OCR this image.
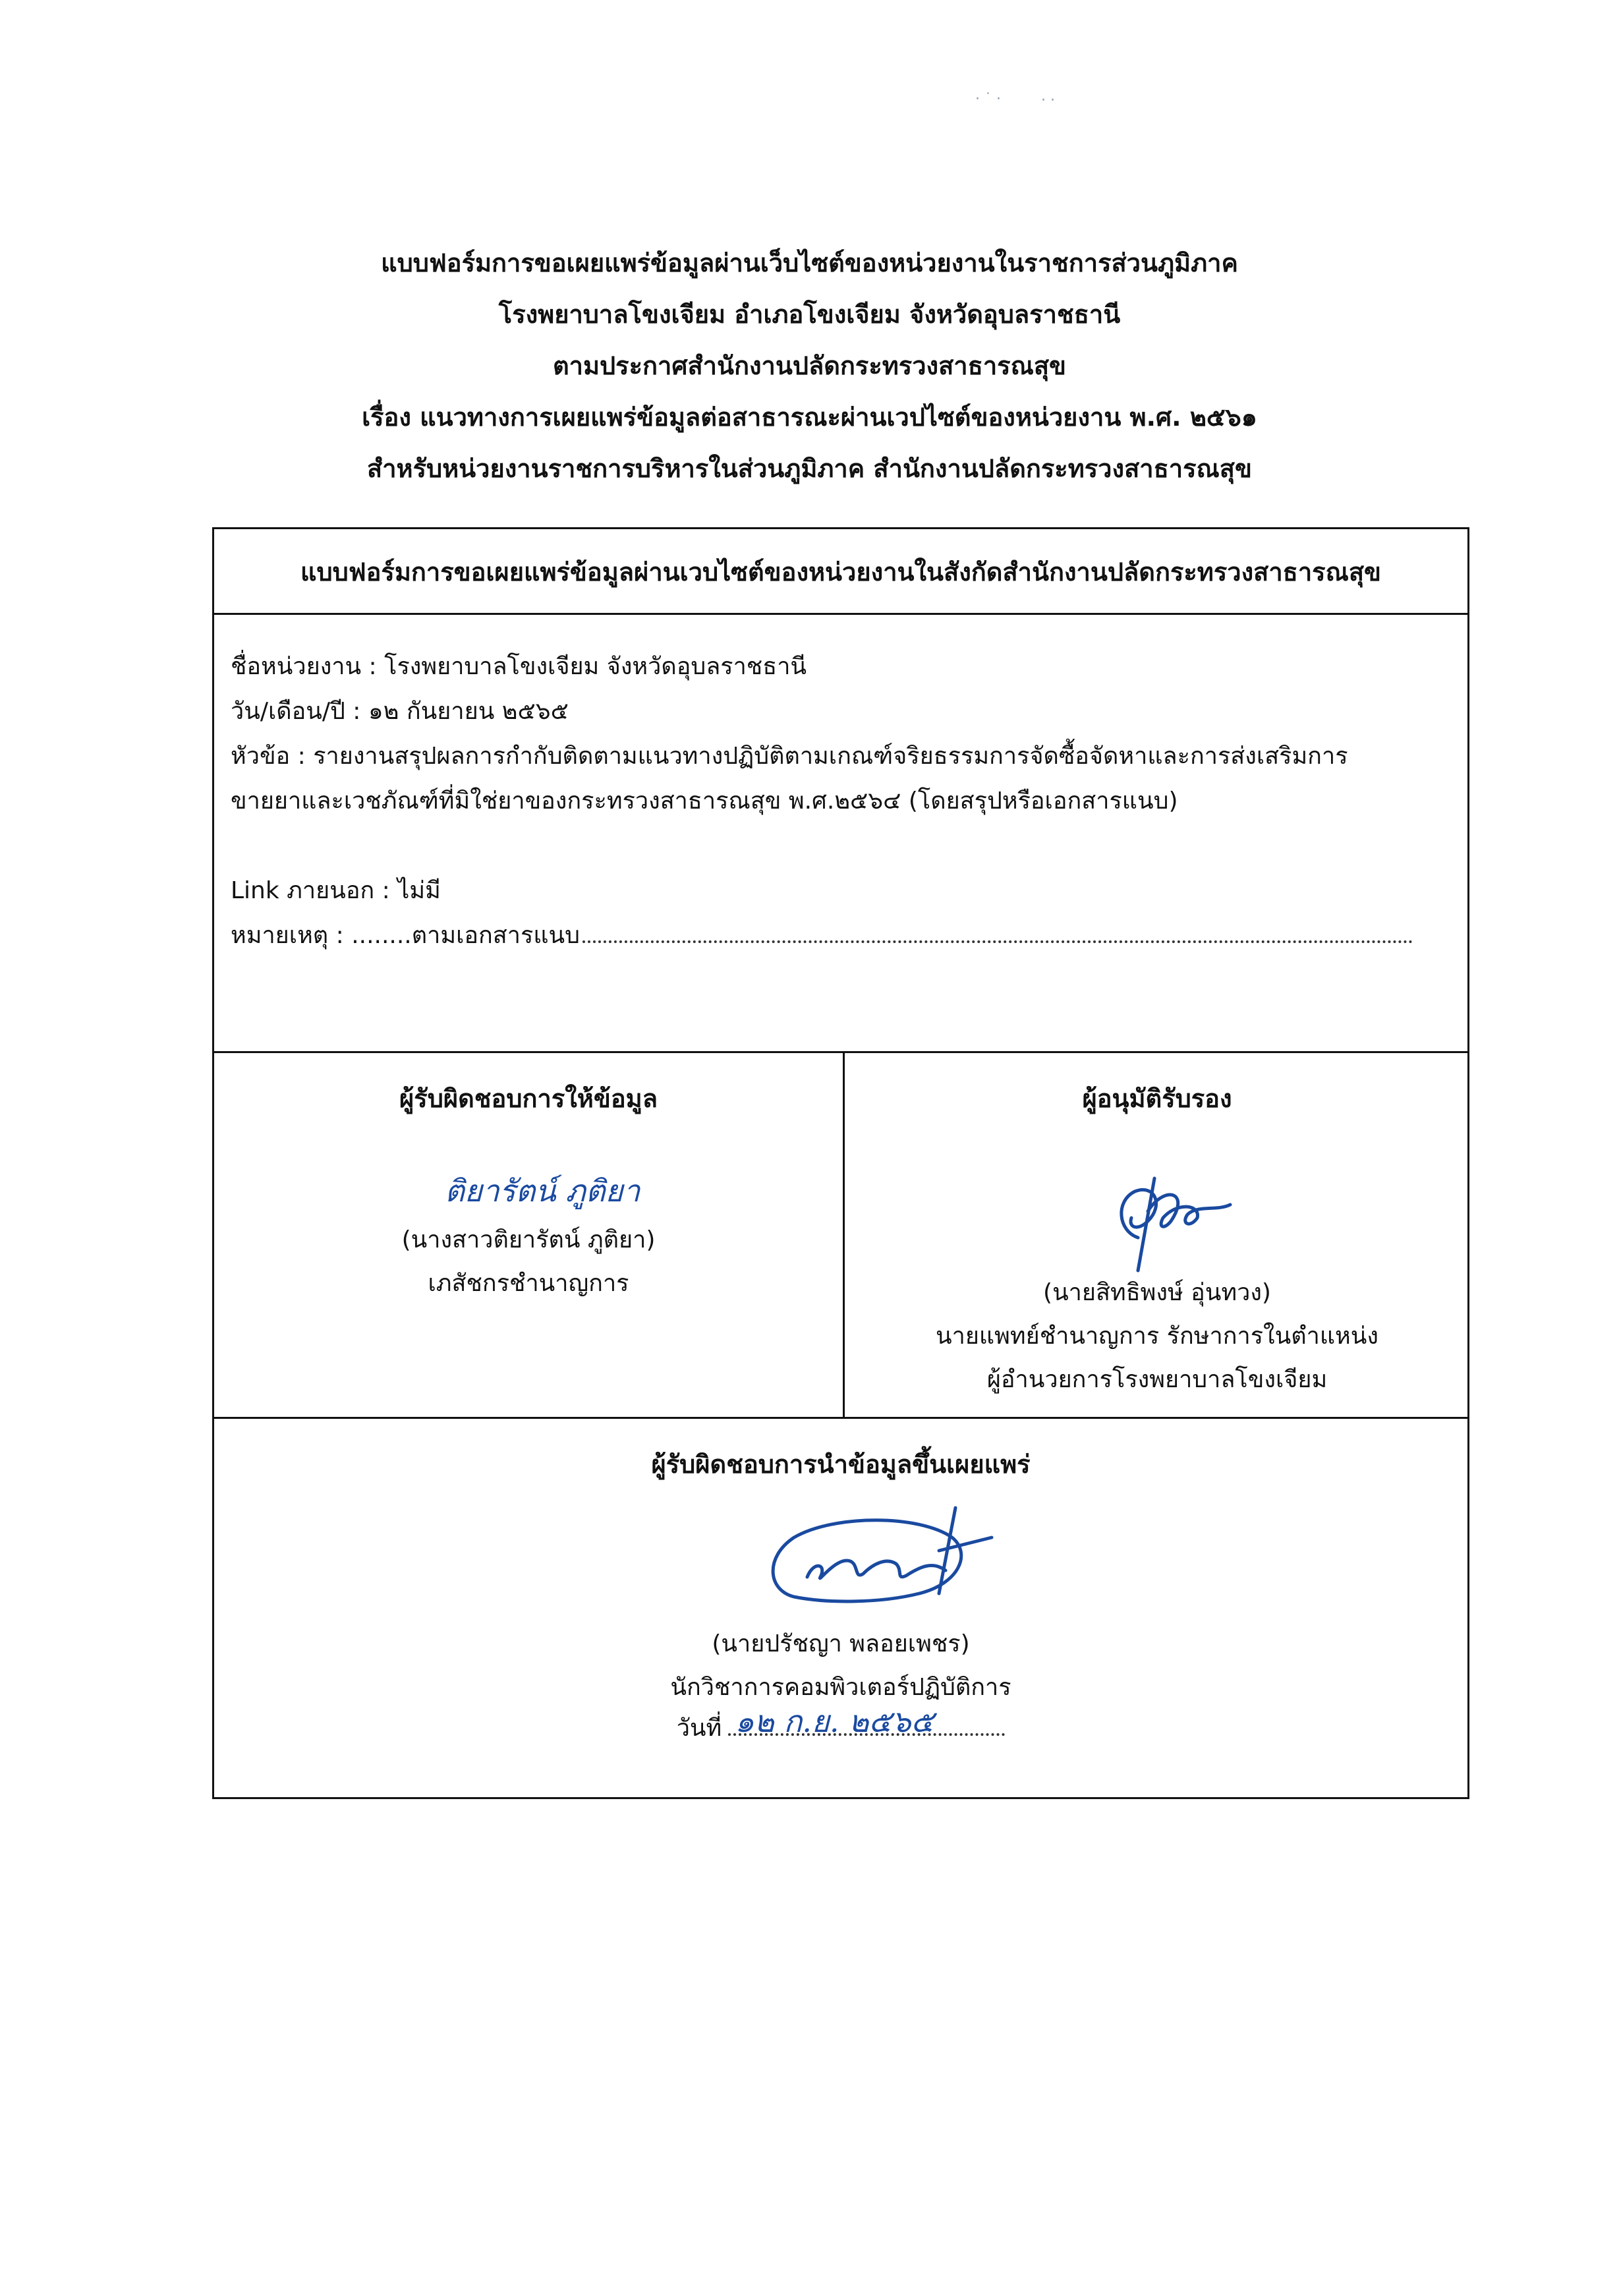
· ˙ ·	· ·
แบบฟอร์มการขอเผยแพร่ข้อมูลผ่านเว็บไซต์ของหน่วยงานในราชการส่วนภูมิภาค
โรงพยาบาลโขงเจียม อำเภอโขงเจียม จังหวัดอุบลราชธานี
ตามประกาศสำนักงานปลัดกระทรวงสาธารณสุข
เรื่อง แนวทางการเผยแพร่ข้อมูลต่อสาธารณะผ่านเวปไซต์ของหน่วยงาน พ.ศ. ๒๕๖๑
สำหรับหน่วยงานราชการบริหารในส่วนภูมิภาค สำนักงานปลัดกระทรวงสาธารณสุข
แบบฟอร์มการขอเผยแพร่ข้อมูลผ่านเวบไซต์ของหน่วยงานในสังกัดสำนักงานปลัดกระทรวงสาธารณสุข
ชื่อหน่วยงาน : โรงพยาบาลโขงเจียม จังหวัดอุบลราชธานี
วัน/เดือน/ปี : ๑๒ กันยายน ๒๕๖๕
หัวข้อ : รายงานสรุปผลการกำกับติดตามแนวทางปฏิบัติตามเกณฑ์จริยธรรมการจัดซื้อจัดหาและการส่งเสริมการ
ขายยาและเวชภัณฑ์ที่มิใช่ยาของกระทรวงสาธารณสุข พ.ศ.๒๕๖๔ (โดยสรุปหรือเอกสารแนบ)
Link ภายนอก : ไม่มี
หมายเหตุ : ........ตามเอกสารแนบ
ผู้รับผิดชอบการให้ข้อมูล
ติยารัตน์ ภูติยา
(นางสาวติยารัตน์ ภูติยา)
เภสัชกรชำนาญการ
ผู้อนุมัติรับรอง
(นายสิทธิพงษ์ อุ่นทวง)
นายแพทย์ชำนาญการ รักษาการในตำแหน่ง
ผู้อำนวยการโรงพยาบาลโขงเจียม
ผู้รับผิดชอบการนำข้อมูลขึ้นเผยแพร่
(นายปรัชญา พลอยเพชร)
นักวิชาการคอมพิวเตอร์ปฏิบัติการ
วันที่ ๑๒ ก.ย. ๒๕๖๕
